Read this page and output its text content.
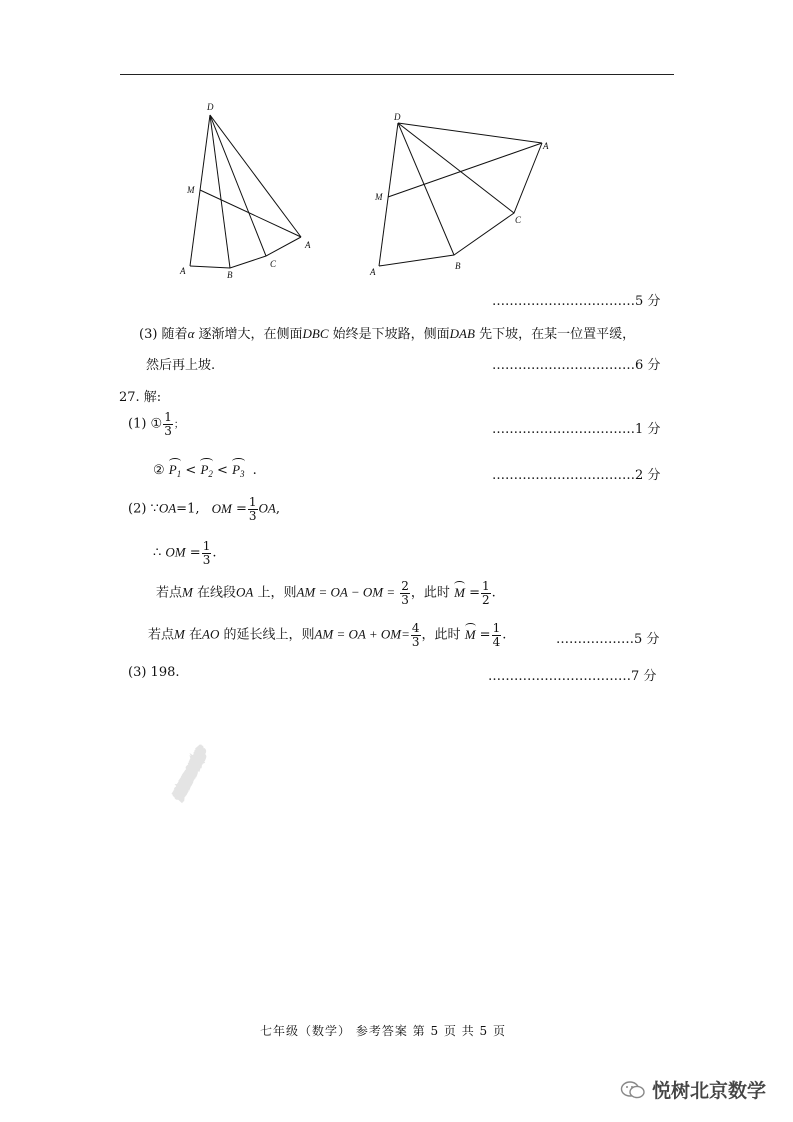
D
M
A	B
C
A
D
M
A
B
C
A
……………………………5 分
(3) 随着α 逐渐增大，在侧面DBC 始终是下坡路，侧面DAB 先下坡，在某一位置平缓，
然后再上坡.	……………………………6 分
27. 解:
(1) ① $\frac{1}{3}$ ；	……………………………1 分
② $P_1 < P_2 < P_3$ .	……………………………2 分
(2) ∵OA=1, OM = $\frac{1}{3}$ OA,
∴ OM = $\frac{1}{3}$ .
若点M 在线段OA 上，则AM = OA − OM = $\frac{2}{3}$ ，此时 $M = \frac{1}{2}$ .
若点M 在AO 的延长线上，则AM = OA + $OM= \frac{4}{3}$ ，此时 $M = \frac{1}{4}$ .	………………5 分
(3) 198.	……………………………7 分
悦树北京数学
七年级（数学） 参考答案 第 5 页 共 5 页
悦树北京数学
